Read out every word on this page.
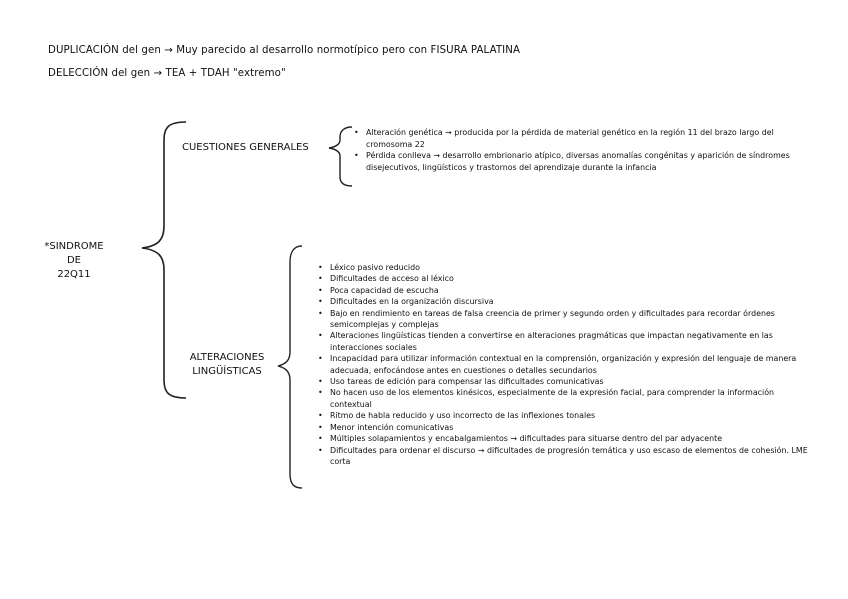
DUPLICACIÓN del gen → Muy parecido al desarrollo normotípico pero con FISURA PALATINA
DELECCIÓN del gen → TEA + TDAH "extremo"
*SINDROME DE
22Q11
CUESTIONES GENERALES
ALTERACIONES
LINGÜÍSTICAS
• Alteración genética → producida por la pérdida de material genético en la región 11 del brazo largo del cromosoma 22
• Pérdida conlleva → desarrollo embrionario atípico, diversas anomalías congénitas y aparición de síndromes disejecutivos, lingüísticos y trastornos del aprendizaje durante la infancia
• Léxico pasivo reducido
• Dificultades de acceso al léxico
• Poca capacidad de escucha
• Dificultades en la organización discursiva
• Bajo en rendimiento en tareas de falsa creencia de primer y segundo orden y dificultades para recordar órdenes semicomplejas y complejas
• Alteraciones lingüísticas tienden a convertirse en alteraciones pragmáticas que impactan negativamente en las interacciones sociales
• Incapacidad para utilizar información contextual en la comprensión, organización y expresión del lenguaje de manera adecuada, enfocándose antes en cuestiones o detalles secundarios
• Uso tareas de edición para compensar las dificultades comunicativas
• No hacen uso de los elementos kinésicos, especialmente de la expresión facial, para comprender la información contextual
• Ritmo de habla reducido y uso incorrecto de las inflexiones tonales
• Menor intención comunicativas
• Múltiples solapamientos y encabalgamientos → dificultades para situarse dentro del par adyacente
• Dificultades para ordenar el discurso → dificultades de progresión temática y uso escaso de elementos de cohesión. LME corta
